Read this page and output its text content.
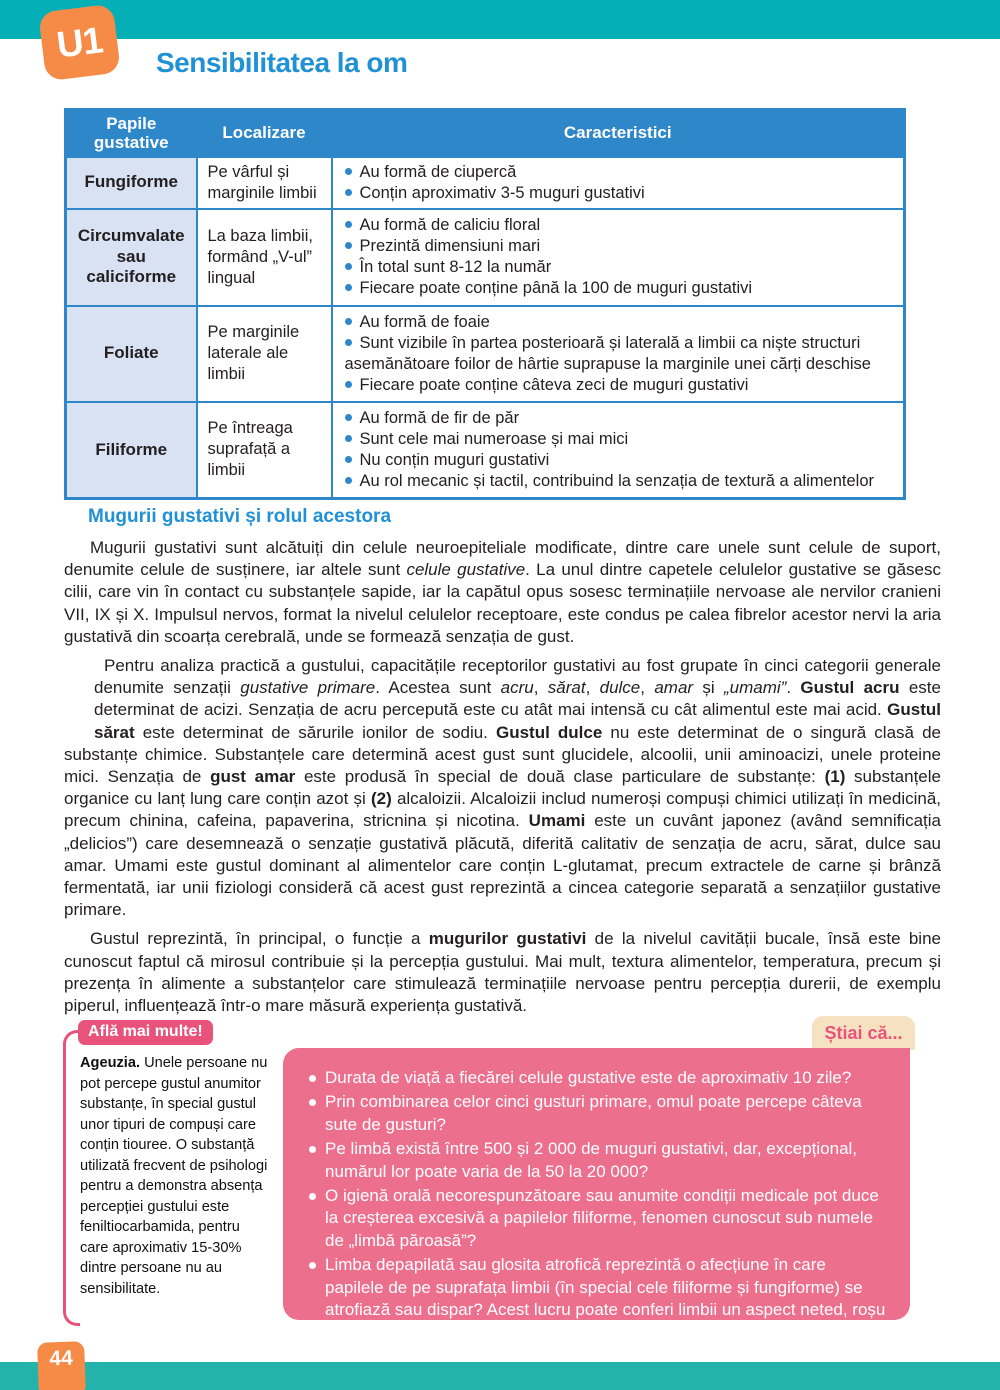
U1 Sensibilitatea la om
Papile gustative	Localizare	Caracteristici
Fungiforme	Pe vârful și marginile limbii	Au formă de ciupercă
Conțin aproximativ 3-5 muguri gustativi

Circumvalate sau caliciforme	La baza limbii, formând „V-ul” lingual	Au formă de caliciu floral
Prezintă dimensiuni mari
În total sunt 8-12 la număr
Fiecare poate conține până la 100 de muguri gustativi

Foliate	Pe marginile laterale ale limbii	Au formă de foaie
Sunt vizibile în partea posterioară și laterală a limbii ca niște structuri asemănătoare foilor de hârtie suprapuse la marginile unei cărți deschise
Fiecare poate conține câteva zeci de muguri gustativi

Filiforme	Pe întreaga suprafață a limbii	Au formă de fir de păr
Sunt cele mai numeroase și mai mici
Nu conțin muguri gustativi
Au rol mecanic și tactil, contribuind la senzația de textură a alimentelor
Mugurii gustativi și rolul acestora

Mugurii gustativi sunt alcătuiți din celule neuroepiteliale modificate, dintre care unele sunt celule de suport, denumite celule de susținere, iar altele sunt celule gustative. La unul dintre capetele celulelor gustative se găsesc cilii, care vin în contact cu substanțele sapide, iar la capătul opus sosesc terminațiile nervoase ale nervilor cranieni VII, IX și X. Impulsul nervos, format la nivelul celulelor receptoare, este condus pe calea fibrelor acestor nervi la aria gustativă din scoarța cerebrală, unde se formează senzația de gust.

Pentru analiza practică a gustului, capacitățile receptorilor gustativi au fost grupate în cinci categorii generale denumite senzații gustative primare. Acestea sunt acru, sărat, dulce, amar și „umami”. Gustul acru este determinat de acizi. Senzația de acru percepută este cu atât mai intensă cu cât alimentul este mai acid. Gustul sărat este determinat de sărurile ionilor de sodiu. Gustul dulce nu este determinat de o singură clasă de substanțe chimice. Substanțele care determină acest gust sunt glucidele, alcoolii, unii aminoacizi, unele proteine mici. Senzația de gust amar este produsă în special de două clase particulare de substanțe: (1) substanțele organice cu lanț lung care conțin azot și (2) alcaloizii. Alcaloizii includ numeroși compuși chimici utilizați în medicină, precum chinina, cafeina, papaverina, stricnina și nicotina. Umami este un cuvânt japonez (având semnificația „delicios”) care desemnează o senzație gustativă plăcută, diferită calitativ de senzația de acru, sărat, dulce sau amar. Umami este gustul dominant al alimentelor care conțin L-glutamat, precum extractele de carne și brânză fermentată, iar unii fiziologi consideră că acest gust reprezintă a cincea categorie separată a senzațiilor gustative primare.

Gustul reprezintă, în principal, o funcție a mugurilor gustativi de la nivelul cavității bucale, însă este bine cunoscut faptul că mirosul contribuie și la percepția gustului. Mai mult, textura alimentelor, temperatura, precum și prezența în alimente a substanțelor care stimulează terminațiile nervoase pentru percepția durerii, de exemplu piperul, influențează într-o mare măsură experiența gustativă.

Află mai multe!
Ageuzia. Unele persoane nu pot percepe gustul anumitor substanțe, în special gustul unor tipuri de compuși care conțin tiouree. O substanță utilizată frecvent de psihologi pentru a demonstra absența percepției gustului este feniltiocarbamida, pentru care aproximativ 15-30% dintre persoane nu au sensibilitate.
Știai că...
Durata de viață a fiecărei celule gustative este de aproximativ 10 zile?
Prin combinarea celor cinci gusturi primare, omul poate percepe câteva sute de gusturi?
Pe limbă există între 500 și 2 000 de muguri gustativi, dar, excepțional, numărul lor poate varia de la 50 la 20 000?
O igienă orală necorespunzătoare sau anumite condiții medicale pot duce la creșterea excesivă a papilelor filiforme, fenomen cunoscut sub numele de „limbă păroasă”?
Limba depapilată sau glosita atrofică reprezintă o afecțiune în care papilele de pe suprafața limbii (în special cele filiforme și fungiforme) se atrofiază sau dispar? Acest lucru poate conferi limbii un aspect neted, roșu și lucios.
44
